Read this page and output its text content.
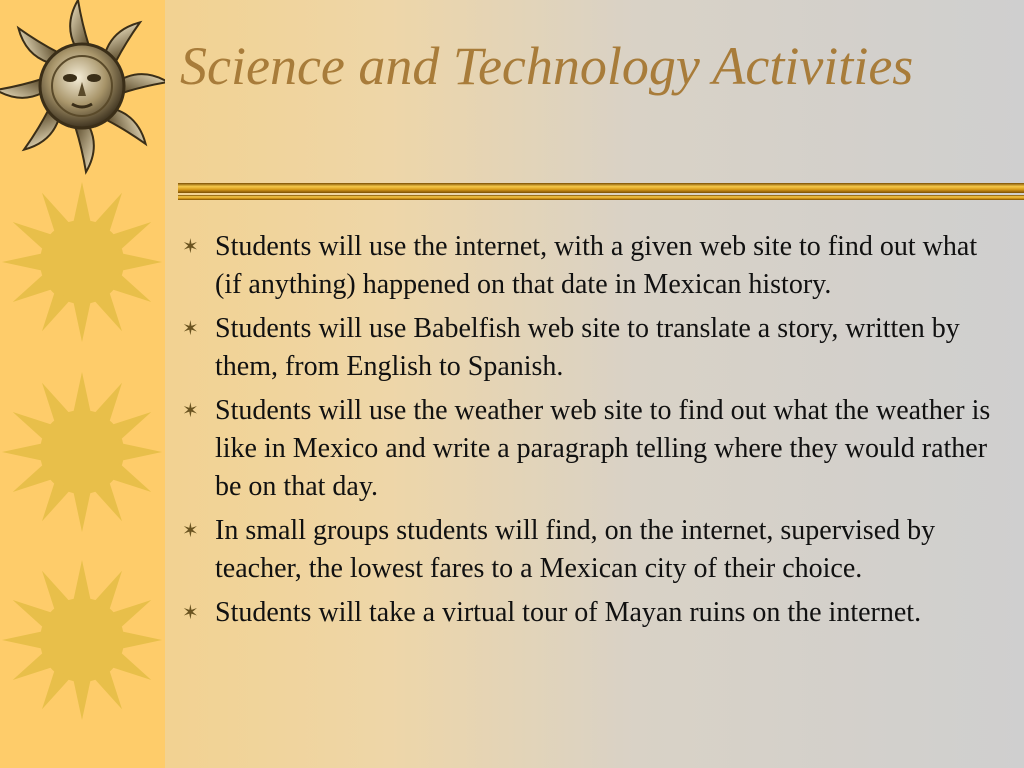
Science and Technology Activities
✶ Students will use the internet, with a given web site to find out what (if anything) happened on that date in Mexican history.
✶ Students will use Babelfish web site to translate a story, written by them, from English to Spanish.
✶ Students will use the weather web site to find out what the weather is like in Mexico and write a paragraph telling where they would rather be on that day.
✶ In small groups students will find, on the internet, supervised by teacher, the lowest fares to a Mexican city of their choice.
✶ Students will take a virtual tour of Mayan ruins on the internet.
